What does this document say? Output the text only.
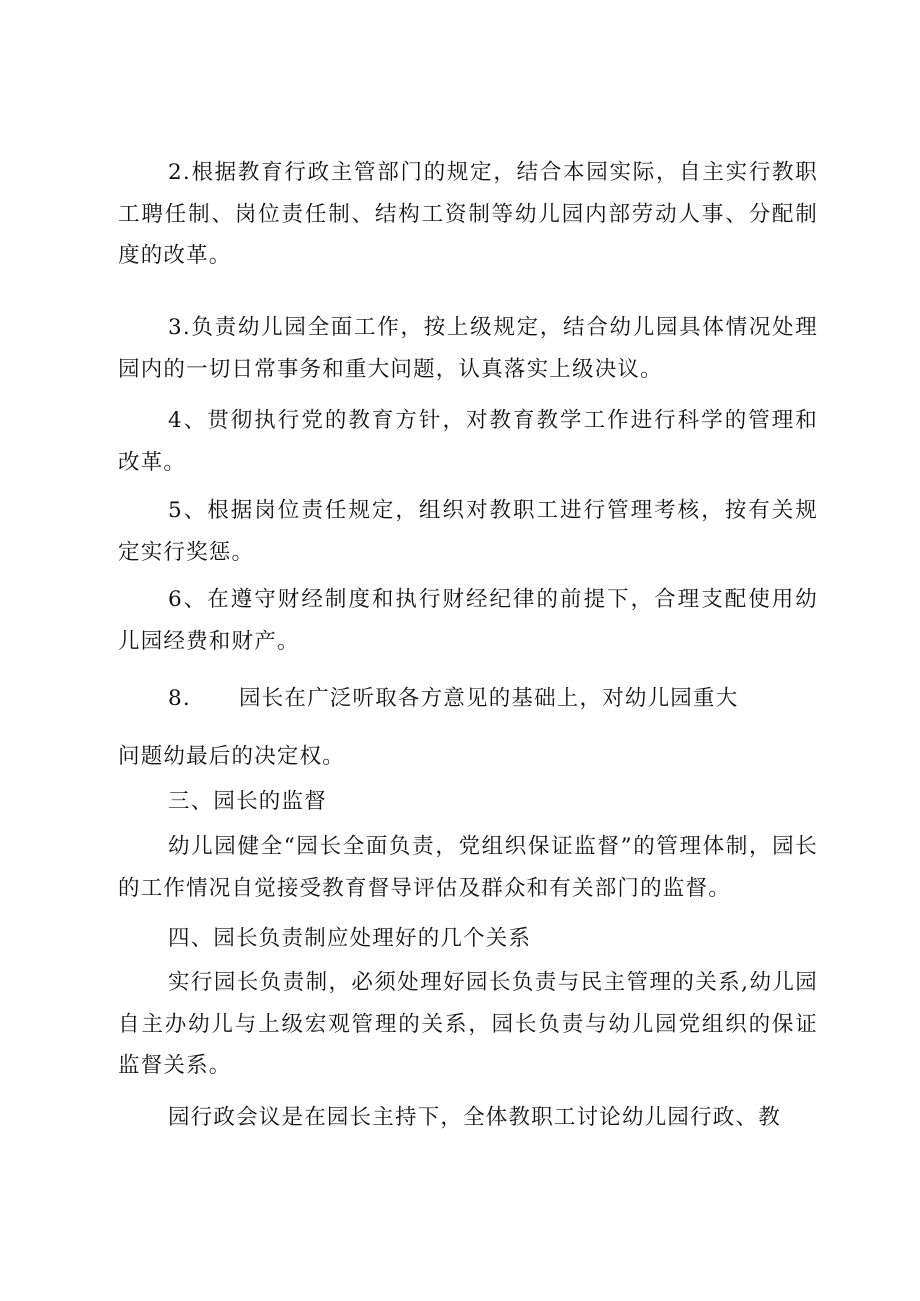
2.根据教育行政主管部门的规定，结合本园实际，自主实行教职工聘任制、岗位责任制、结构工资制等幼儿园内部劳动人事、分配制度的改革。

3.负责幼儿园全面工作，按上级规定，结合幼儿园具体情况处理园内的一切日常事务和重大问题，认真落实上级决议。

4、贯彻执行党的教育方针，对教育教学工作进行科学的管理和改革。

5、根据岗位责任规定，组织对教职工进行管理考核，按有关规定实行奖惩。

6、在遵守财经制度和执行财经纪律的前提下，合理支配使用幼儿园经费和财产。

8. 园长在广泛听取各方意见的基础上，对幼儿园重大

问题幼最后的决定权。

三、园长的监督

幼儿园健全“园长全面负责，党组织保证监督”的管理体制，园长的工作情况自觉接受教育督导评估及群众和有关部门的监督。

四、园长负责制应处理好的几个关系

实行园长负责制，必须处理好园长负责与民主管理的关系,幼儿园自主办幼儿与上级宏观管理的关系，园长负责与幼儿园党组织的保证监督关系。

园行政会议是在园长主持下，全体教职工讨论幼儿园行政、教
